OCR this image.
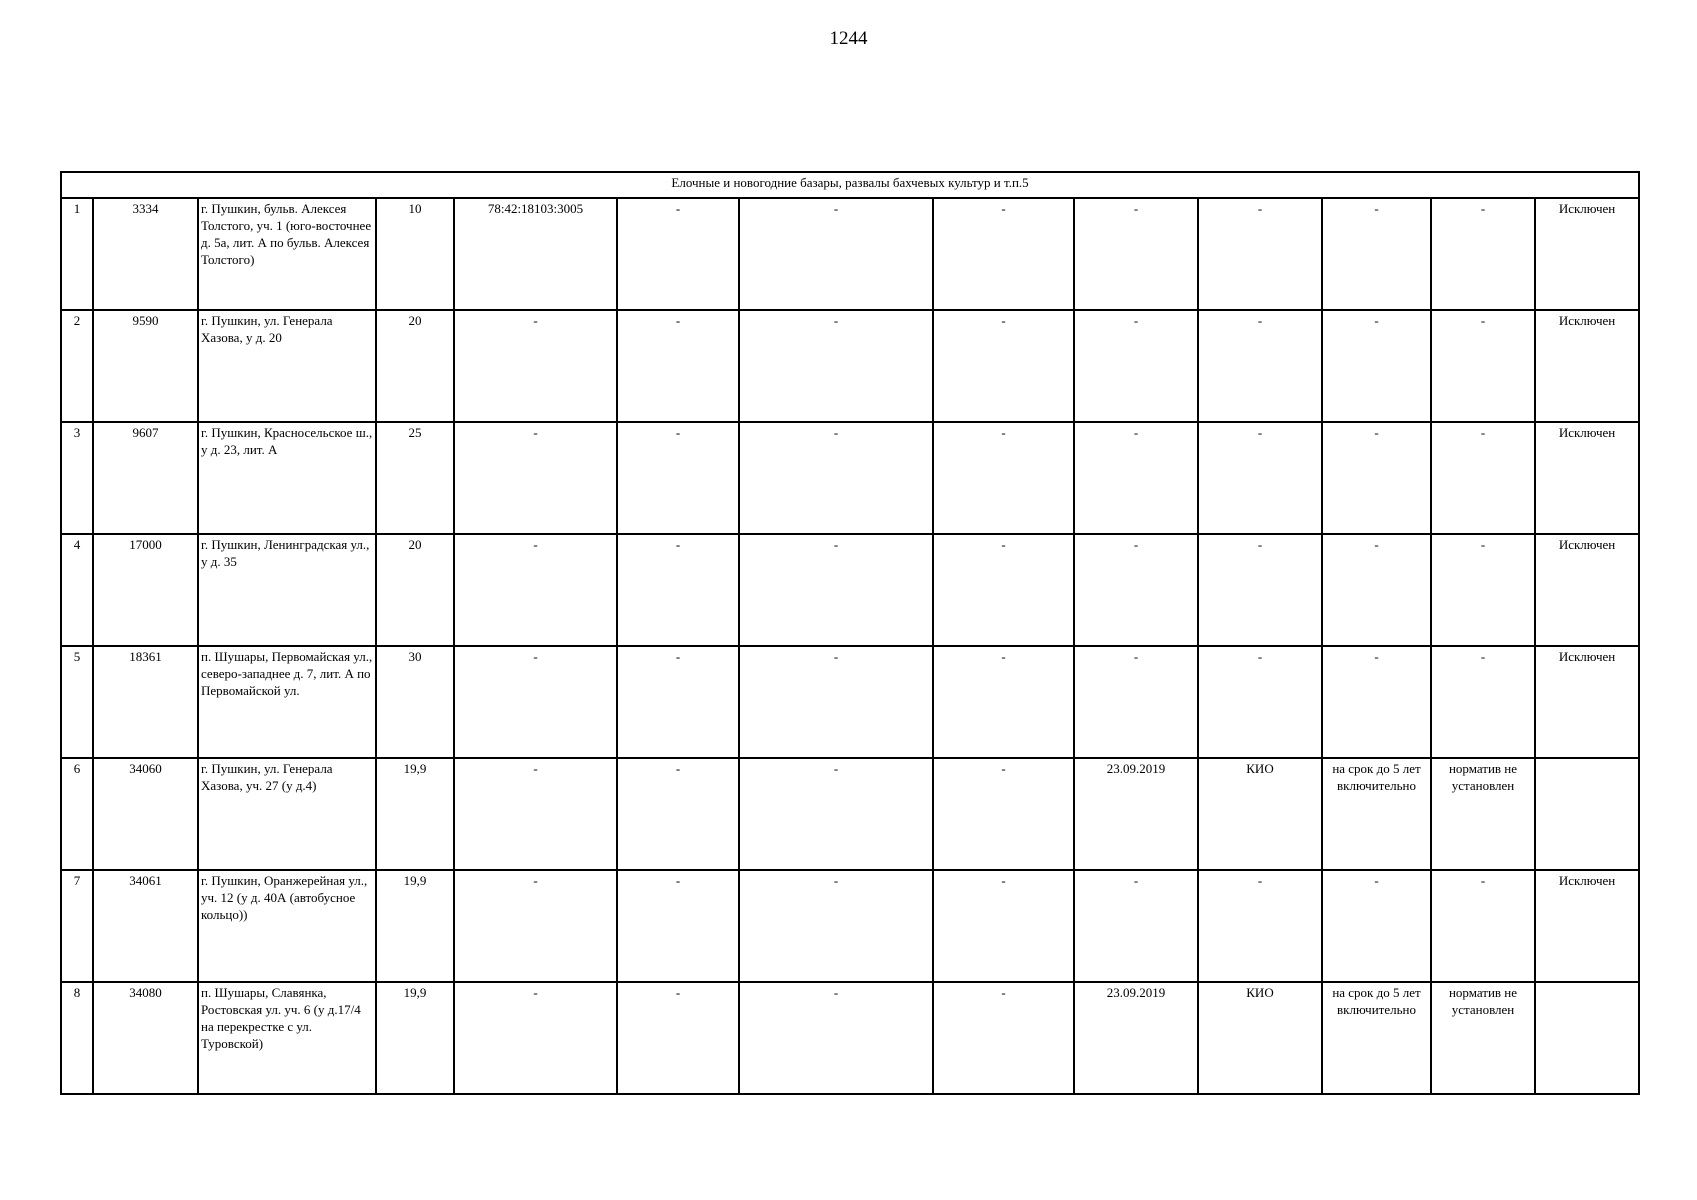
1244
Елочные и новогодние базары, развалы бахчевых культур и т.п.5												
1	3334	г. Пушкин, бульв. Алексея Толстого, уч. 1 (юго-восточнее д. 5а, лит. А по бульв. Алексея Толстого)	10	78:42:18103:3005	-	-	-	-	-	-	-	Исключен
2	9590	г. Пушкин, ул. Генерала Хазова, у д. 20	20	-	-	-	-	-	-	-	-	Исключен
3	9607	г. Пушкин, Красносельское ш., у д. 23, лит. А	25	-	-	-	-	-	-	-	-	Исключен
4	17000	г. Пушкин, Ленинградская ул., у д. 35	20	-	-	-	-	-	-	-	-	Исключен
5	18361	п. Шушары, Первомайская ул., северо-западнее д. 7, лит. А по Первомайской ул.	30	-	-	-	-	-	-	-	-	Исключен
6	34060	г. Пушкин, ул. Генерала Хазова, уч. 27 (у д.4)	19,9	-	-	-	-	23.09.2019	КИО	на срок до 5 лет включительно	норматив не установлен	
7	34061	г. Пушкин, Оранжерейная ул., уч. 12 (у д. 40А (автобусное кольцо))	19,9	-	-	-	-	-	-	-	-	Исключен
8	34080	п. Шушары, Славянка, Ростовская ул. уч. 6 (у д.17/4 на перекрестке с ул. Туровской)	19,9	-	-	-	-	23.09.2019	КИО	на срок до 5 лет включительно	норматив не установлен	
